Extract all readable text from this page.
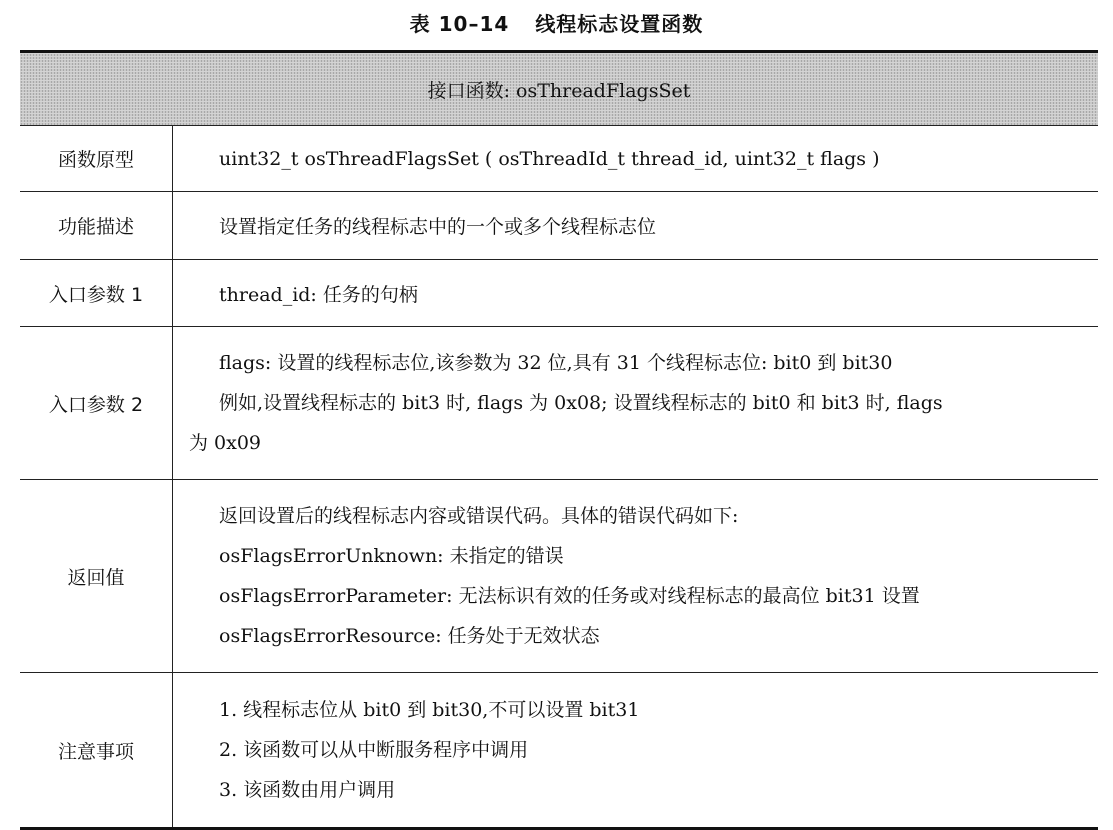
表 10–14 线程标志设置函数
接口函数: osThreadFlagsSet	
函数原型	uint32_t osThreadFlagsSet ( osThreadId_t thread_id, uint32_t flags )
功能描述	设置指定任务的线程标志中的一个或多个线程标志位
入口参数 1	thread_id: 任务的句柄
入口参数 2	flags: 设置的线程标志位,该参数为 32 位,具有 31 个线程标志位: bit0 到 bit30
例如,设置线程标志的 bit3 时, flags 为 0x08; 设置线程标志的 bit0 和 bit3 时, flags
为 0x09

返回值	返回设置后的线程标志内容或错误代码。具体的错误代码如下:
osFlagsErrorUnknown: 未指定的错误
osFlagsErrorParameter: 无法标识有效的任务或对线程标志的最高位 bit31 设置
osFlagsErrorResource: 任务处于无效状态

注意事项	1. 线程标志位从 bit0 到 bit30,不可以设置 bit31
2. 该函数可以从中断服务程序中调用
3. 该函数由用户调用
